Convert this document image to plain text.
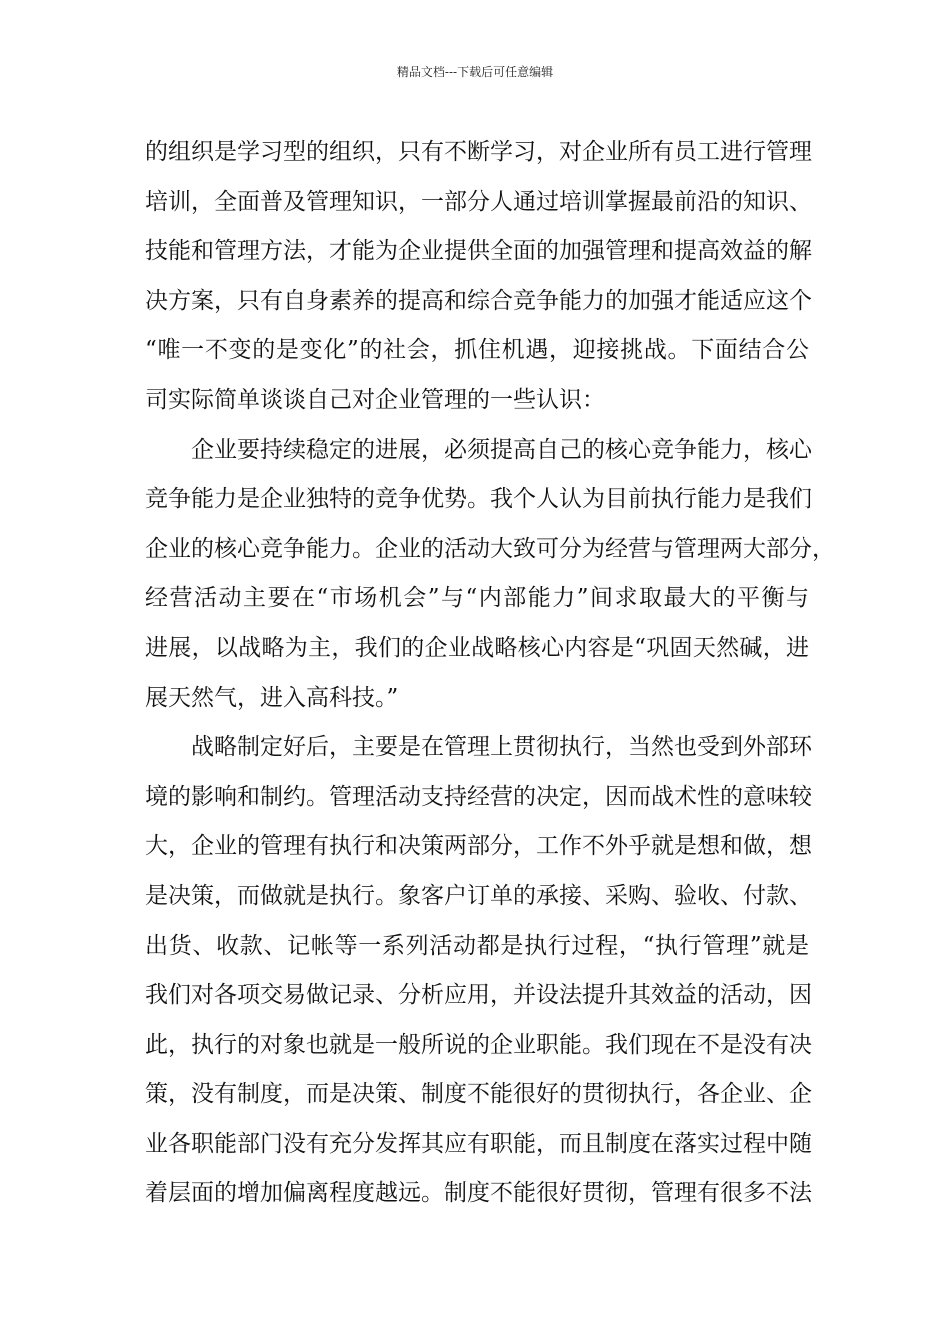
精品文档---下载后可任意编辑
的组织是学习型的组织，只有不断学习，对企业所有员工进行管理
培训，全面普及管理知识，一部分人通过培训掌握最前沿的知识、
技能和管理方法，才能为企业提供全面的加强管理和提高效益的解
决方案，只有自身素养的提高和综合竞争能力的加强才能适应这个
“唯一不变的是变化”的社会，抓住机遇，迎接挑战。下面结合公
司实际简单谈谈自己对企业管理的一些认识：
企业要持续稳定的进展，必须提高自己的核心竞争能力，核心
竞争能力是企业独特的竞争优势。我个人认为目前执行能力是我们
企业的核心竞争能力。企业的活动大致可分为经营与管理两大部分，
经营活动主要在“市场机会”与“内部能力”间求取最大的平衡与
进展，以战略为主，我们的企业战略核心内容是“巩固天然碱，进
展天然气，进入高科技。”
战略制定好后，主要是在管理上贯彻执行，当然也受到外部环
境的影响和制约。管理活动支持经营的决定，因而战术性的意味较
大，企业的管理有执行和决策两部分，工作不外乎就是想和做，想
是决策，而做就是执行。象客户订单的承接、采购、验收、付款、
出货、收款、记帐等一系列活动都是执行过程，“执行管理”就是
我们对各项交易做记录、分析应用，并设法提升其效益的活动，因
此，执行的对象也就是一般所说的企业职能。我们现在不是没有决
策，没有制度，而是决策、制度不能很好的贯彻执行，各企业、企
业各职能部门没有充分发挥其应有职能，而且制度在落实过程中随
着层面的增加偏离程度越远。制度不能很好贯彻，管理有很多不法
